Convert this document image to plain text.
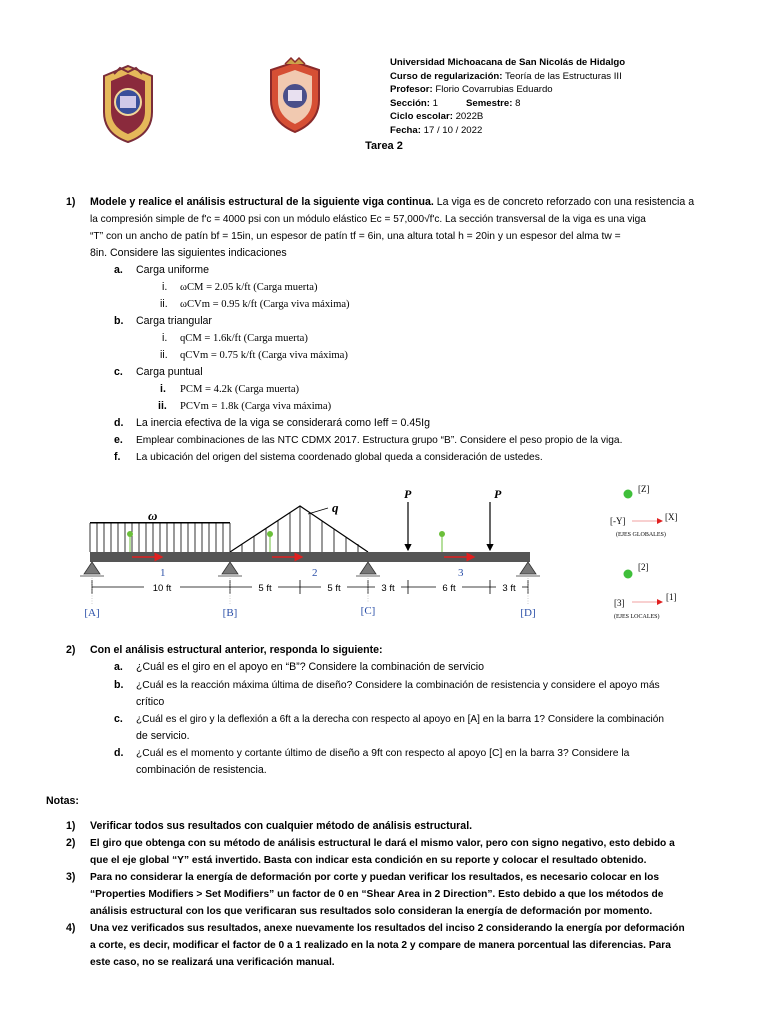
Universidad Michoacana de San Nicolás de Hidalgo
Curso de regularización: Teoría de las Estructuras III
Profesor: Florio Covarrubias Eduardo
Sección: 1	Semestre: 8
Ciclo escolar: 2022B
Fecha: 17 / 10 / 2022
Tarea 2
1) Modele y realice el análisis estructural de la siguiente viga continua. La viga es de concreto reforzado con una resistencia a
la compresión simple de f'c = 4000 psi con un módulo elástico Ec = 57,000√f'c. La sección transversal de la viga es una viga
“T” con un ancho de patín bf = 15in, un espesor de patín tf = 6in, una altura total h = 20in y un espesor del alma tw =
8in. Considere las siguientes indicaciones
a. Carga uniforme
i. ωCM = 2.05 k/ft (Carga muerta)
ii. ωCVm = 0.95 k/ft (Carga viva máxima)
b. Carga triangular
i. qCM = 1.6k/ft (Carga muerta)
ii. qCVm = 0.75 k/ft (Carga viva máxima)
c. Carga puntual
i. PCM = 4.2k (Carga muerta)
ii. PCVm = 1.8k (Carga viva máxima)
d. La inercia efectiva de la viga se considerará como Ieff = 0.45Ig
e. Emplear combinaciones de las NTC CDMX 2017. Estructura grupo “B”. Considere el peso propio de la viga.
f. La ubicación del origen del sistema coordenado global queda a consideración de ustedes.
ω
q
P	P
1	2	3
10 ft	5 ft	5 ft	3 ft	6 ft	3 ft
[A]	[B]	[C]	[D]
[Z]
[-Y]	[X]
(EJES GLOBALES)
[2]
[3]
[1]
(EJES LOCALES)
2) Con el análisis estructural anterior, responda lo siguiente:
a. ¿Cuál es el giro en el apoyo en “B”? Considere la combinación de servicio
b. ¿Cuál es la reacción máxima última de diseño? Considere la combinación de resistencia y considere el apoyo más
crítico
c. ¿Cuál es el giro y la deflexión a 6ft a la derecha con respecto al apoyo en [A] en la barra 1? Considere la combinación
de servicio.
d. ¿Cuál es el momento y cortante último de diseño a 9ft con respecto al apoyo [C] en la barra 3? Considere la
combinación de resistencia.
Notas:
1) Verificar todos sus resultados con cualquier método de análisis estructural.
2) El giro que obtenga con su método de análisis estructural le dará el mismo valor, pero con signo negativo, esto debido a
que el eje global “Y” está invertido. Basta con indicar esta condición en su reporte y colocar el resultado obtenido.
3) Para no considerar la energía de deformación por corte y puedan verificar los resultados, es necesario colocar en los
“Properties Modifiers > Set Modifiers” un factor de 0 en “Shear Area in 2 Direction”. Esto debido a que los métodos de
análisis estructural con los que verificaran sus resultados solo consideran la energía de deformación por momento.
4) Una vez verificados sus resultados, anexe nuevamente los resultados del inciso 2 considerando la energía por deformación
a corte, es decir, modificar el factor de 0 a 1 realizado en la nota 2 y compare de manera porcentual las diferencias. Para
este caso, no se realizará una verificación manual.
